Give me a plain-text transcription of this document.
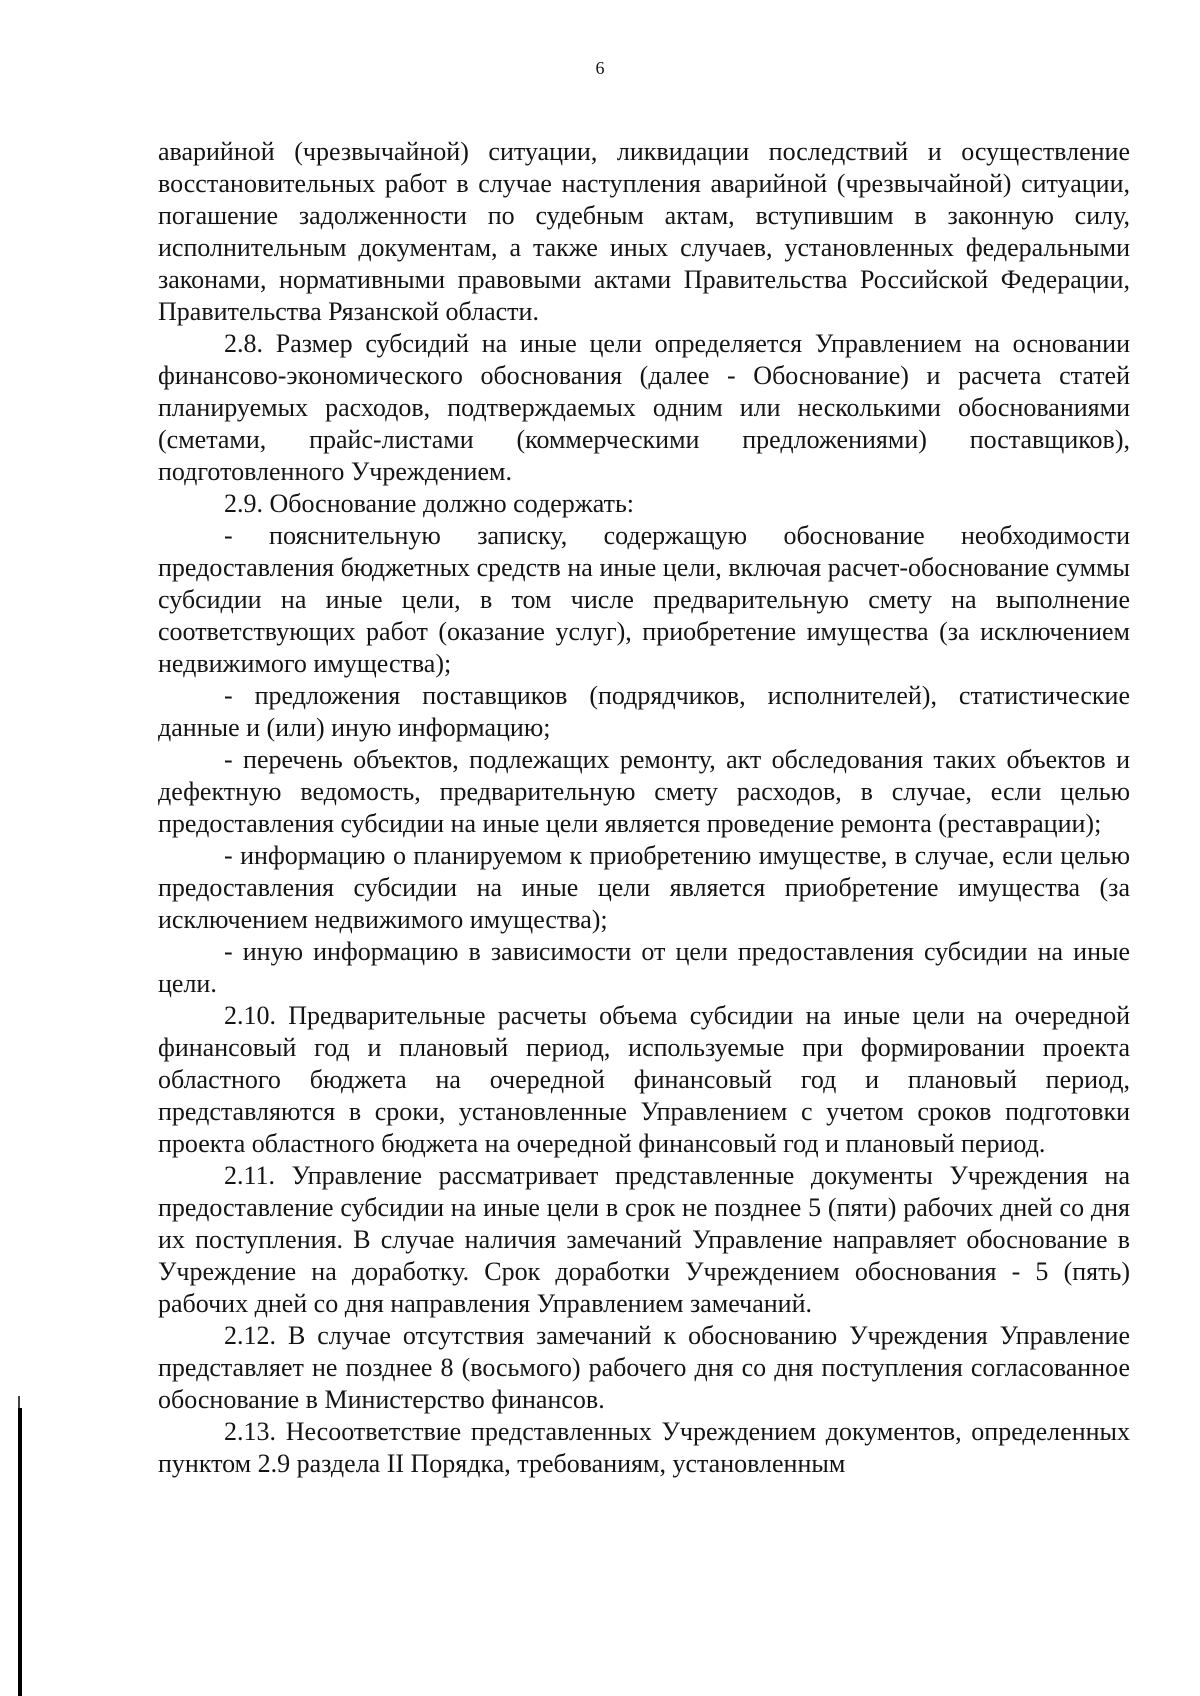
6

аварийной (чрезвычайной) ситуации, ликвидации последствий и осуществление восстановительных работ в случае наступления аварийной (чрезвычайной) ситуации, погашение задолженности по судебным актам, вступившим в законную силу, исполнительным документам, а также иных случаев, установленных федеральными законами, нормативными правовыми актами Правительства Российской Федерации, Правительства Рязанской области.

2.8. Размер субсидий на иные цели определяется Управлением на основании финансово-экономического обоснования (далее - Обоснование) и расчета статей планируемых расходов, подтверждаемых одним или несколькими обоснованиями (сметами, прайс-листами (коммерческими предложениями) поставщиков), подготовленного Учреждением.

2.9. Обоснование должно содержать:

- пояснительную записку, содержащую обоснование необходимости предоставления бюджетных средств на иные цели, включая расчет-обоснование суммы субсидии на иные цели, в том числе предварительную смету на выполнение соответствующих работ (оказание услуг), приобретение имущества (за исключением недвижимого имущества);

- предложения поставщиков (подрядчиков, исполнителей), статистические данные и (или) иную информацию;

- перечень объектов, подлежащих ремонту, акт обследования таких объектов и дефектную ведомость, предварительную смету расходов, в случае, если целью предоставления субсидии на иные цели является проведение ремонта (реставрации);

- информацию о планируемом к приобретению имуществе, в случае, если целью предоставления субсидии на иные цели является приобретение имущества (за исключением недвижимого имущества);

- иную информацию в зависимости от цели предоставления субсидии на иные цели.

2.10. Предварительные расчеты объема субсидии на иные цели на очередной финансовый год и плановый период, используемые при формировании проекта областного бюджета на очередной финансовый год и плановый период, представляются в сроки, установленные Управлением с учетом сроков подготовки проекта областного бюджета на очередной финансовый год и плановый период.

2.11. Управление рассматривает представленные документы Учреждения на предоставление субсидии на иные цели в срок не позднее 5 (пяти) рабочих дней со дня их поступления. В случае наличия замечаний Управление направляет обоснование в Учреждение на доработку. Срок доработки Учреждением обоснования - 5 (пять) рабочих дней со дня направления Управлением замечаний.

2.12. В случае отсутствия замечаний к обоснованию Учреждения Управление представляет не позднее 8 (восьмого) рабочего дня со дня поступления согласованное обоснование в Министерство финансов.

2.13. Несоответствие представленных Учреждением документов, определенных пунктом 2.9 раздела II Порядка, требованиям, установленным
